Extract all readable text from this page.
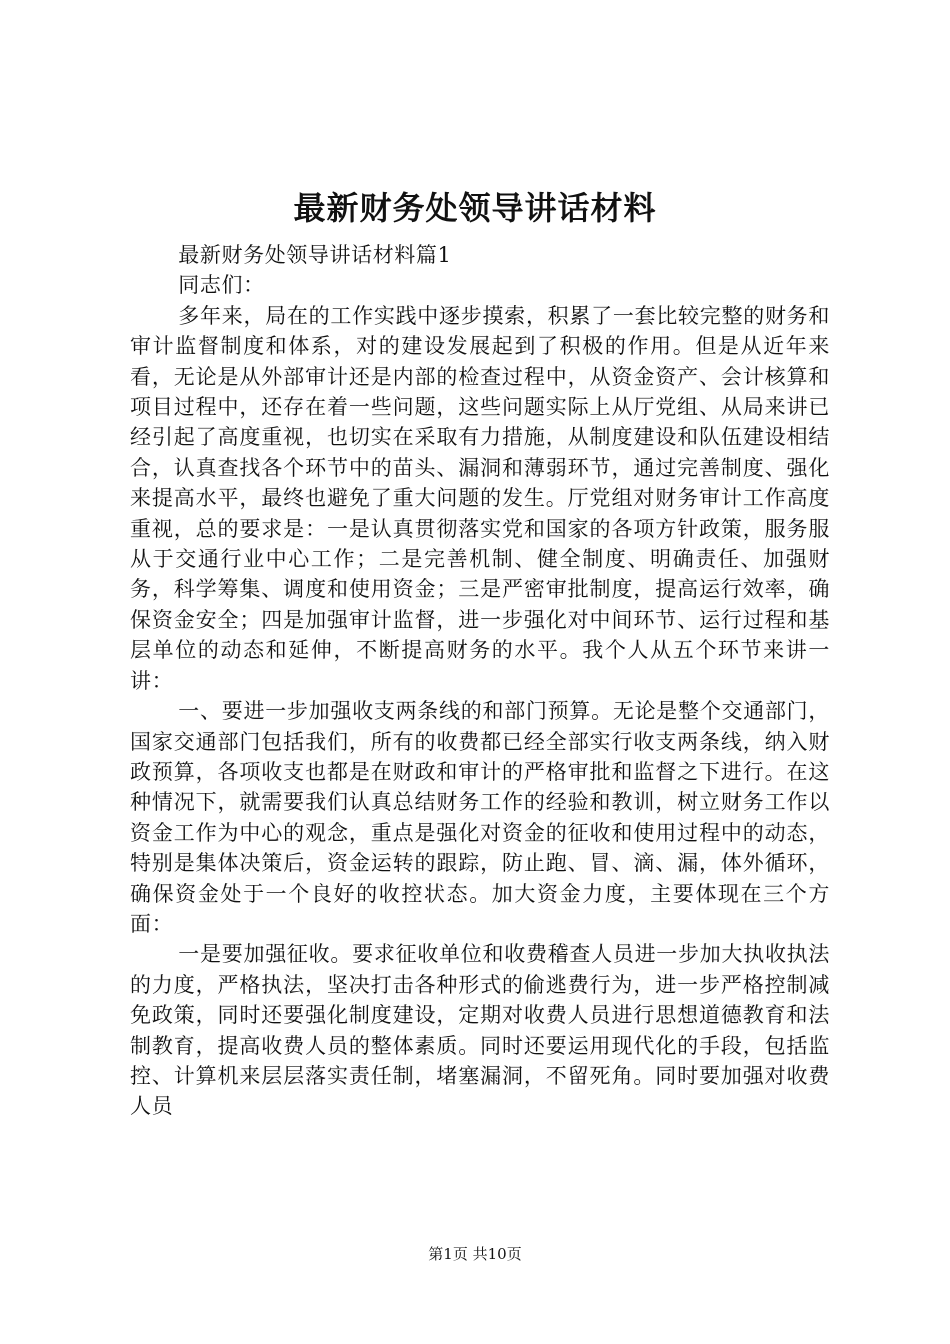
最新财务处领导讲话材料

最新财务处领导讲话材料篇1

同志们：

多年来，局在的工作实践中逐步摸索，积累了一套比较完整的财务和审计监督制度和体系，对的建设发展起到了积极的作用。但是从近年来看，无论是从外部审计还是内部的检查过程中，从资金资产、会计核算和项目过程中，还存在着一些问题，这些问题实际上从厅党组、从局来讲已经引起了高度重视，也切实在采取有力措施，从制度建设和队伍建设相结合，认真查找各个环节中的苗头、漏洞和薄弱环节，通过完善制度、强化来提高水平，最终也避免了重大问题的发生。厅党组对财务审计工作高度重视，总的要求是：一是认真贯彻落实党和国家的各项方针政策，服务服从于交通行业中心工作；二是完善机制、健全制度、明确责任、加强财务，科学筹集、调度和使用资金；三是严密审批制度，提高运行效率，确保资金安全；四是加强审计监督，进一步强化对中间环节、运行过程和基层单位的动态和延伸，不断提高财务的水平。我个人从五个环节来讲一讲：

一、要进一步加强收支两条线的和部门预算。无论是整个交通部门，国家交通部门包括我们，所有的收费都已经全部实行收支两条线，纳入财政预算，各项收支也都是在财政和审计的严格审批和监督之下进行。在这种情况下，就需要我们认真总结财务工作的经验和教训，树立财务工作以资金工作为中心的观念，重点是强化对资金的征收和使用过程中的动态，特别是集体决策后，资金运转的跟踪，防止跑、冒、滴、漏，体外循环，确保资金处于一个良好的收控状态。加大资金力度，主要体现在三个方面：

一是要加强征收。要求征收单位和收费稽查人员进一步加大执收执法的力度，严格执法，坚决打击各种形式的偷逃费行为，进一步严格控制减免政策，同时还要强化制度建设，定期对收费人员进行思想道德教育和法制教育，提高收费人员的整体素质。同时还要运用现代化的手段，包括监控、计算机来层层落实责任制，堵塞漏洞，不留死角。同时要加强对收费人员

第1页 共10页
